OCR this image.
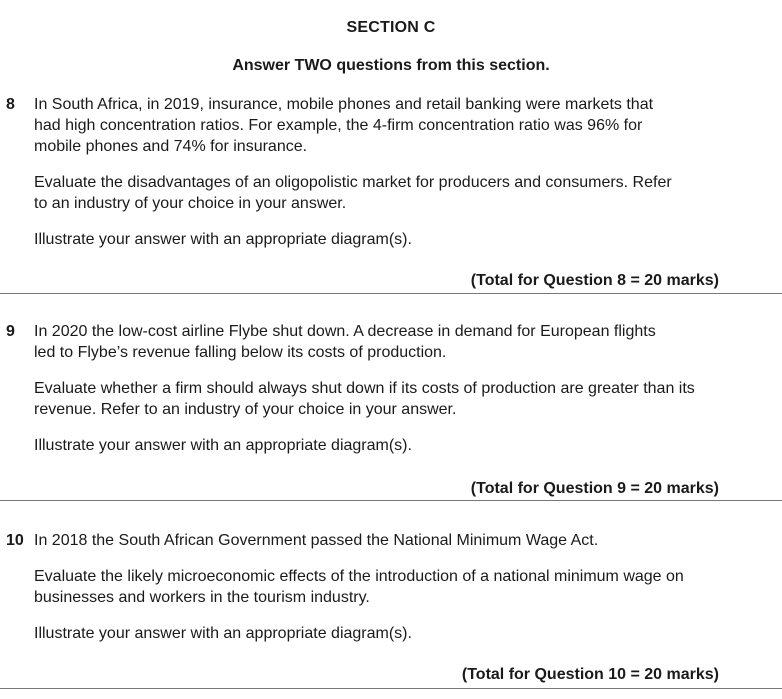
SECTION C
Answer TWO questions from this section.
8 In South Africa, in 2019, insurance, mobile phones and retail banking were markets that had high concentration ratios. For example, the 4-firm concentration ratio was 96% for mobile phones and 74% for insurance.

Evaluate the disadvantages of an oligopolistic market for producers and consumers. Refer to an industry of your choice in your answer.

Illustrate your answer with an appropriate diagram(s).

(Total for Question 8 = 20 marks)
9 In 2020 the low-cost airline Flybe shut down. A decrease in demand for European flights led to Flybe’s revenue falling below its costs of production.

Evaluate whether a firm should always shut down if its costs of production are greater than its revenue. Refer to an industry of your choice in your answer.

Illustrate your answer with an appropriate diagram(s).

(Total for Question 9 = 20 marks)
10 In 2018 the South African Government passed the National Minimum Wage Act.

Evaluate the likely microeconomic effects of the introduction of a national minimum wage on businesses and workers in the tourism industry.

Illustrate your answer with an appropriate diagram(s).

(Total for Question 10 = 20 marks)
